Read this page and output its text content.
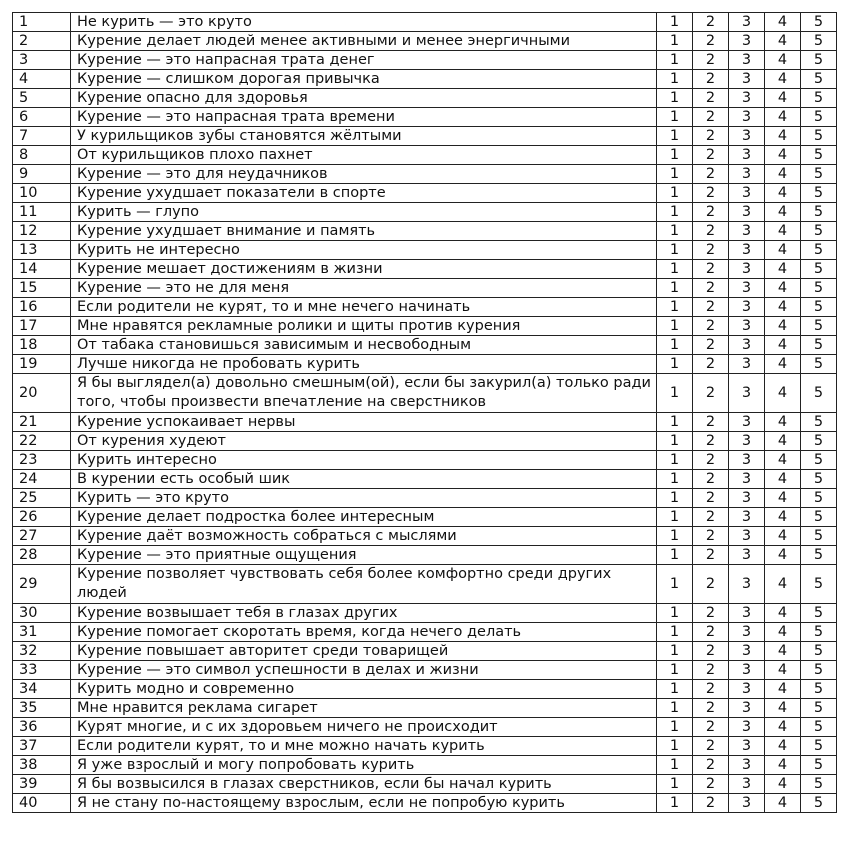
1	Не курить — это круто	1	2	3	4	5
2	Курение делает людей менее активными и менее энергичными	1	2	3	4	5
3	Курение — это напрасная трата денег	1	2	3	4	5
4	Курение — слишком дорогая привычка	1	2	3	4	5
5	Курение опасно для здоровья	1	2	3	4	5
6	Курение — это напрасная трата времени	1	2	3	4	5
7	У курильщиков зубы становятся жёлтыми	1	2	3	4	5
8	От курильщиков плохо пахнет	1	2	3	4	5
9	Курение — это для неудачников	1	2	3	4	5
10	Курение ухудшает показатели в спорте	1	2	3	4	5
11	Курить — глупо	1	2	3	4	5
12	Курение ухудшает внимание и память	1	2	3	4	5
13	Курить не интересно	1	2	3	4	5
14	Курение мешает достижениям в жизни	1	2	3	4	5
15	Курение — это не для меня	1	2	3	4	5
16	Если родители не курят, то и мне нечего начинать	1	2	3	4	5
17	Мне нравятся рекламные ролики и щиты против курения	1	2	3	4	5
18	От табака становишься зависимым и несвободным	1	2	3	4	5
19	Лучше никогда не пробовать курить	1	2	3	4	5
20	Я бы выглядел(а) довольно смешным(ой), если бы закурил(а) только ради того, чтобы произвести впечатление на сверстников	1	2	3	4	5
21	Курение успокаивает нервы	1	2	3	4	5
22	От курения худеют	1	2	3	4	5
23	Курить интересно	1	2	3	4	5
24	В курении есть особый шик	1	2	3	4	5
25	Курить — это круто	1	2	3	4	5
26	Курение делает подростка более интересным	1	2	3	4	5
27	Курение даёт возможность собраться с мыслями	1	2	3	4	5
28	Курение — это приятные ощущения	1	2	3	4	5
29	Курение позволяет чувствовать себя более комфортно среди других людей	1	2	3	4	5
30	Курение возвышает тебя в глазах других	1	2	3	4	5
31	Курение помогает скоротать время, когда нечего делать	1	2	3	4	5
32	Курение повышает авторитет среди товарищей	1	2	3	4	5
33	Курение — это символ успешности в делах и жизни	1	2	3	4	5
34	Курить модно и современно	1	2	3	4	5
35	Мне нравится реклама сигарет	1	2	3	4	5
36	Курят многие, и с их здоровьем ничего не происходит	1	2	3	4	5
37	Если родители курят, то и мне можно начать курить	1	2	3	4	5
38	Я уже взрослый и могу попробовать курить	1	2	3	4	5
39	Я бы возвысился в глазах сверстников, если бы начал курить	1	2	3	4	5
40	Я не стану по-настоящему взрослым, если не попробую курить	1	2	3	4	5
